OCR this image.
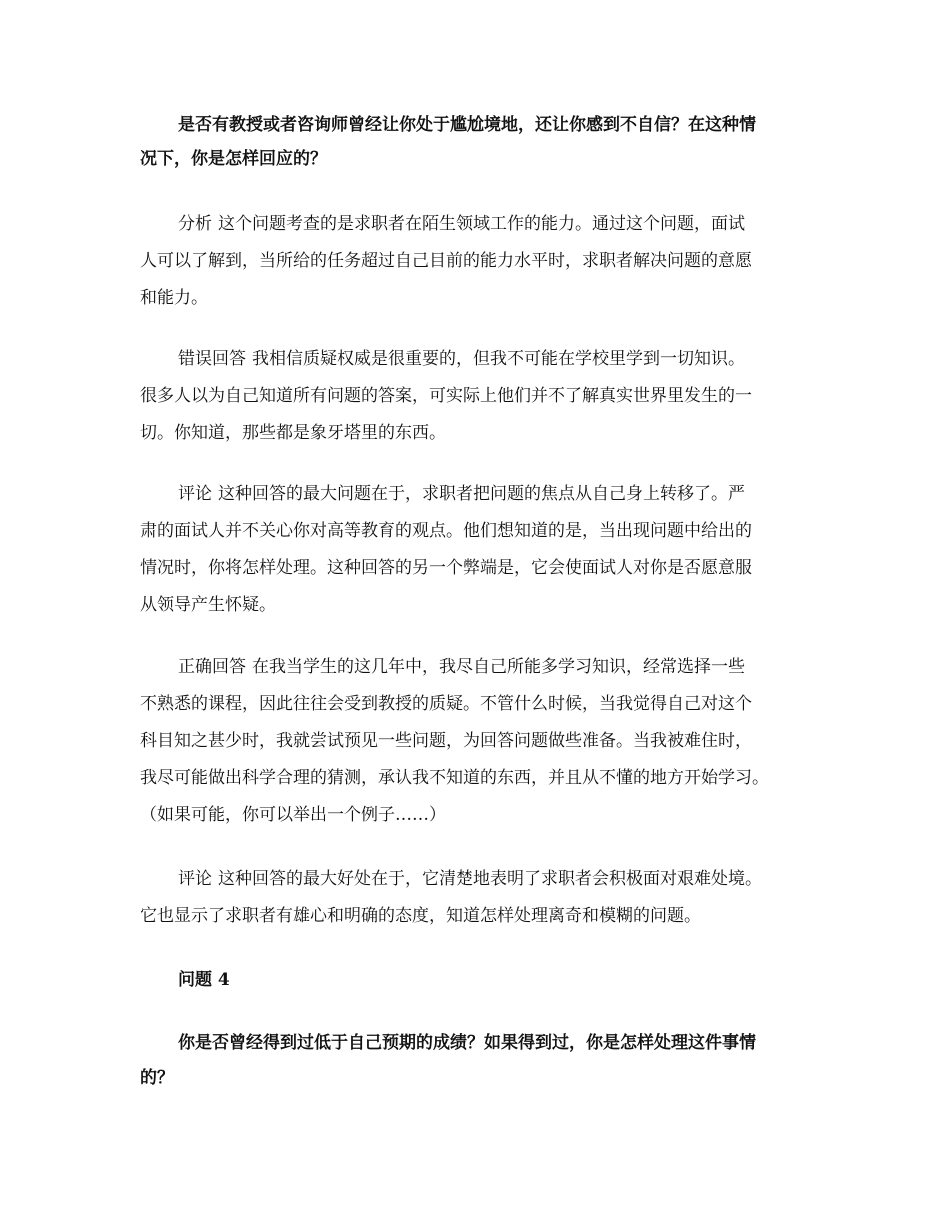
是否有教授或者咨询师曾经让你处于尴尬境地，还让你感到不自信？在这种情

况下，你是怎样回应的？

分析 这个问题考查的是求职者在陌生领域工作的能力。通过这个问题，面试

人可以了解到，当所给的任务超过自己目前的能力水平时，求职者解决问题的意愿

和能力。

错误回答 我相信质疑权威是很重要的，但我不可能在学校里学到一切知识。

很多人以为自己知道所有问题的答案，可实际上他们并不了解真实世界里发生的一

切。你知道，那些都是象牙塔里的东西。

评论 这种回答的最大问题在于，求职者把问题的焦点从自己身上转移了。严

肃的面试人并不关心你对高等教育的观点。他们想知道的是，当出现问题中给出的

情况时，你将怎样处理。这种回答的另一个弊端是，它会使面试人对你是否愿意服

从领导产生怀疑。

正确回答 在我当学生的这几年中，我尽自己所能多学习知识，经常选择一些

不熟悉的课程，因此往往会受到教授的质疑。不管什么时候，当我觉得自己对这个

科目知之甚少时，我就尝试预见一些问题，为回答问题做些准备。当我被难住时，

我尽可能做出科学合理的猜测，承认我不知道的东西，并且从不懂的地方开始学习。

（如果可能，你可以举出一个例子……）

评论 这种回答的最大好处在于，它清楚地表明了求职者会积极面对艰难处境。

它也显示了求职者有雄心和明确的态度，知道怎样处理离奇和模糊的问题。

问题 4

你是否曾经得到过低于自己预期的成绩？如果得到过，你是怎样处理这件事情

的？
